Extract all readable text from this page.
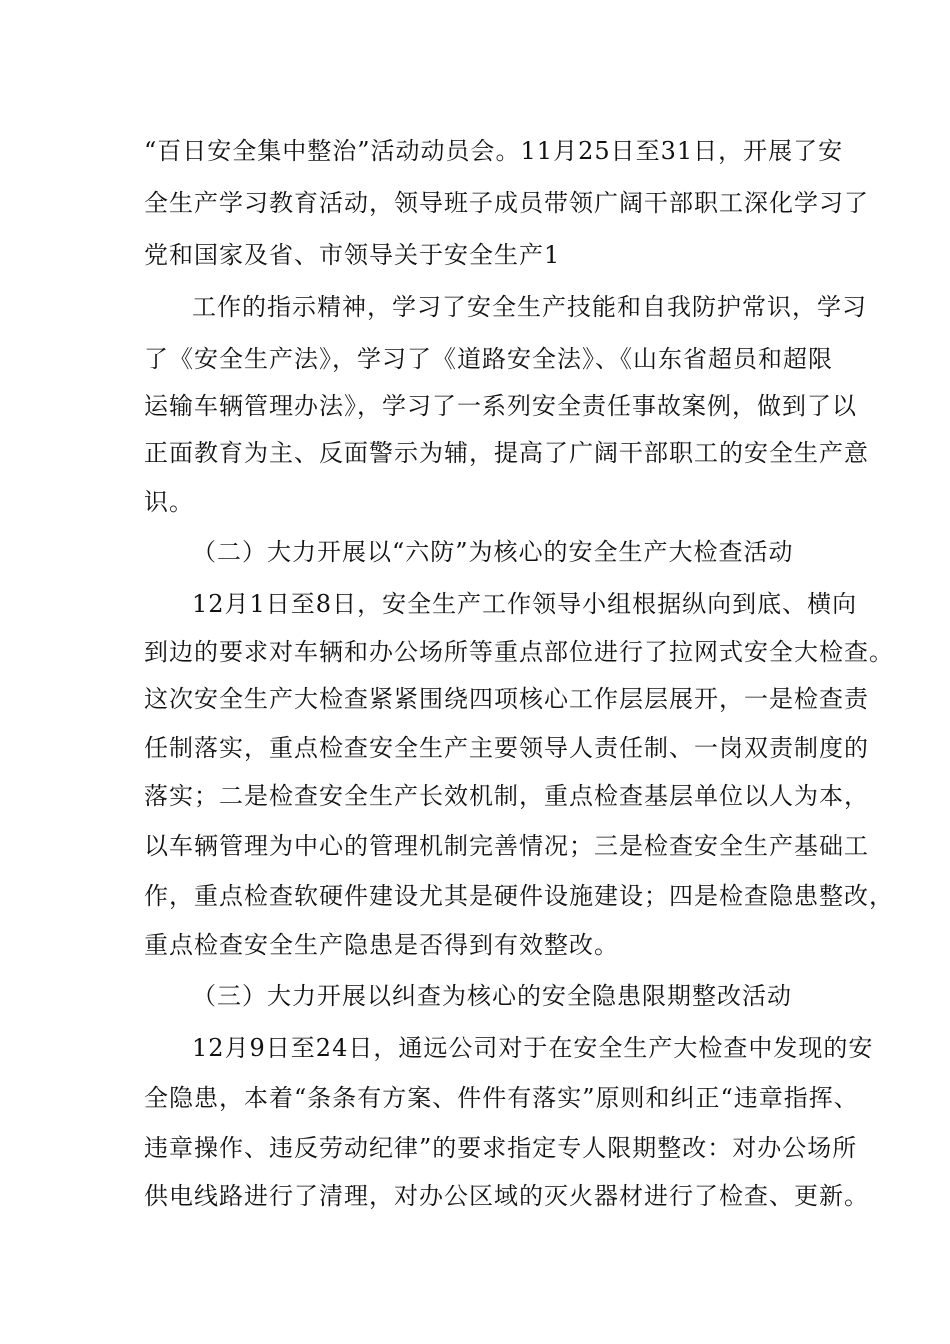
“百日安全集中整治”活动动员会。11月25日至31日，开展了安
全生产学习教育活动，领导班子成员带领广阔干部职工深化学习了
党和国家及省、市领导关于安全生产1
工作的指示精神，学习了安全生产技能和自我防护常识，学习
了《安全生产法》，学习了《道路安全法》、《山东省超员和超限
运输车辆管理办法》，学习了一系列安全责任事故案例，做到了以
正面教育为主、反面警示为辅，提高了广阔干部职工的安全生产意
识。
（二）大力开展以“六防”为核心的安全生产大检查活动
12月1日至8日，安全生产工作领导小组根据纵向到底、横向
到边的要求对车辆和办公场所等重点部位进行了拉网式安全大检查。
这次安全生产大检查紧紧围绕四项核心工作层层展开，一是检查责
任制落实，重点检查安全生产主要领导人责任制、一岗双责制度的
落实；二是检查安全生产长效机制，重点检查基层单位以人为本，
以车辆管理为中心的管理机制完善情况；三是检查安全生产基础工
作，重点检查软硬件建设尤其是硬件设施建设；四是检查隐患整改，
重点检查安全生产隐患是否得到有效整改。
（三）大力开展以纠查为核心的安全隐患限期整改活动
12月9日至24日，通远公司对于在安全生产大检查中发现的安
全隐患，本着“条条有方案、件件有落实”原则和纠正“违章指挥、
违章操作、违反劳动纪律”的要求指定专人限期整改：对办公场所
供电线路进行了清理，对办公区域的灭火器材进行了检查、更新。
